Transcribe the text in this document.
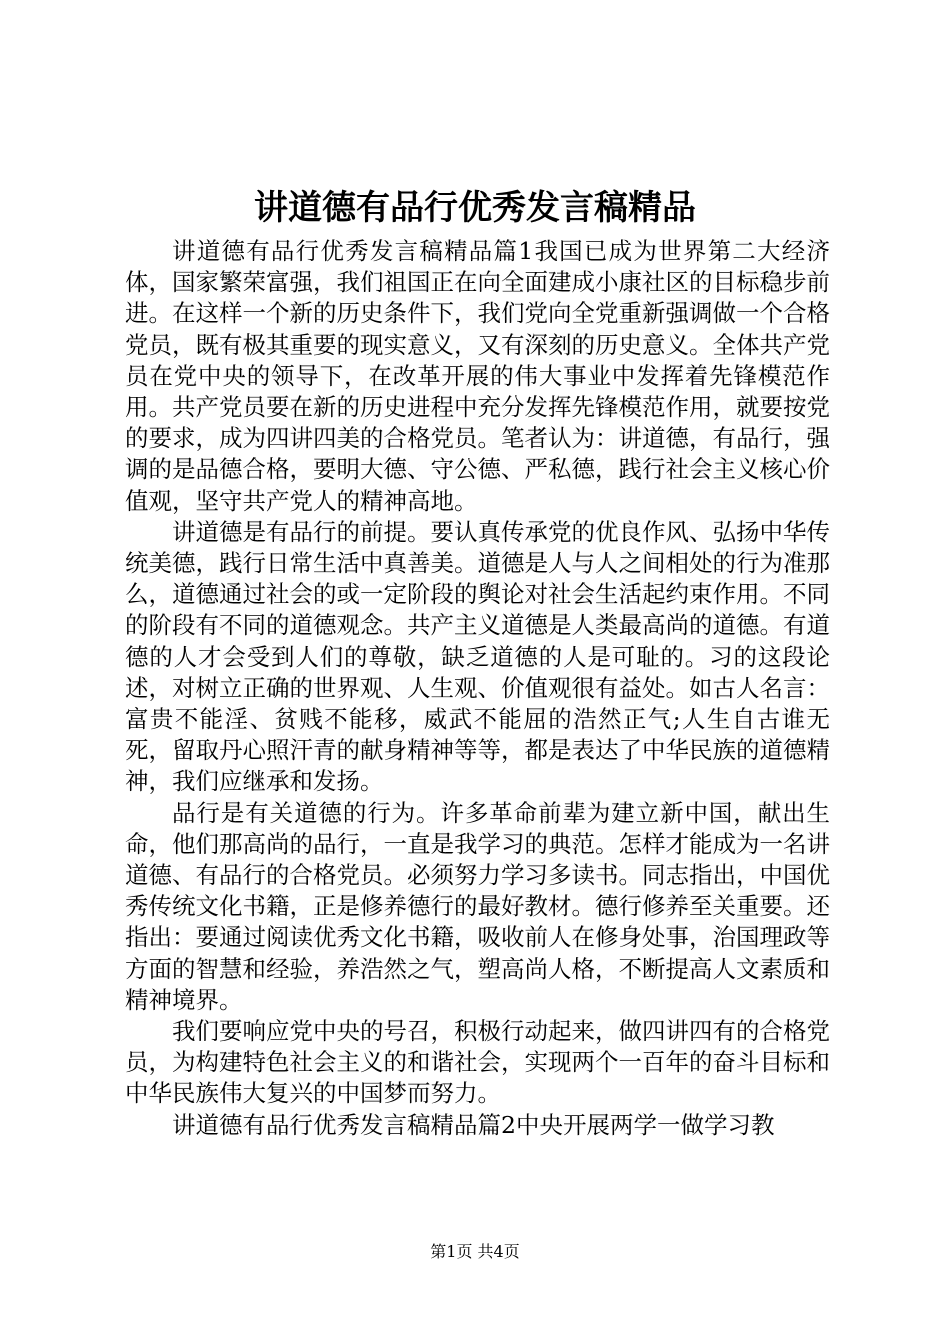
讲道德有品行优秀发言稿精品

讲道德有品行优秀发言稿精品篇1我国已成为世界第二大经济体，国家繁荣富强，我们祖国正在向全面建成小康社区的目标稳步前进。在这样一个新的历史条件下，我们党向全党重新强调做一个合格党员，既有极其重要的现实意义，又有深刻的历史意义。全体共产党员在党中央的领导下，在改革开展的伟大事业中发挥着先锋模范作用。共产党员要在新的历史进程中充分发挥先锋模范作用，就要按党的要求，成为四讲四美的合格党员。笔者认为：讲道德，有品行，强调的是品德合格，要明大德、守公德、严私德，践行社会主义核心价值观，坚守共产党人的精神高地。

讲道德是有品行的前提。要认真传承党的优良作风、弘扬中华传统美德，践行日常生活中真善美。道德是人与人之间相处的行为准那么，道德通过社会的或一定阶段的舆论对社会生活起约束作用。不同的阶段有不同的道德观念。共产主义道德是人类最高尚的道德。有道德的人才会受到人们的尊敬，缺乏道德的人是可耻的。习的这段论述，对树立正确的世界观、人生观、价值观很有益处。如古人名言：富贵不能淫、贫贱不能移，威武不能屈的浩然正气;人生自古谁无死，留取丹心照汗青的献身精神等等，都是表达了中华民族的道德精神，我们应继承和发扬。

品行是有关道德的行为。许多革命前辈为建立新中国，献出生命，他们那高尚的品行，一直是我学习的典范。怎样才能成为一名讲道德、有品行的合格党员。必须努力学习多读书。同志指出，中国优秀传统文化书籍，正是修养德行的最好教材。德行修养至关重要。还指出：要通过阅读优秀文化书籍，吸收前人在修身处事，治国理政等方面的智慧和经验，养浩然之气，塑高尚人格，不断提高人文素质和精神境界。

我们要响应党中央的号召，积极行动起来，做四讲四有的合格党员，为构建特色社会主义的和谐社会，实现两个一百年的奋斗目标和中华民族伟大复兴的中国梦而努力。

讲道德有品行优秀发言稿精品篇2中央开展两学一做学习教

第1页 共4页
